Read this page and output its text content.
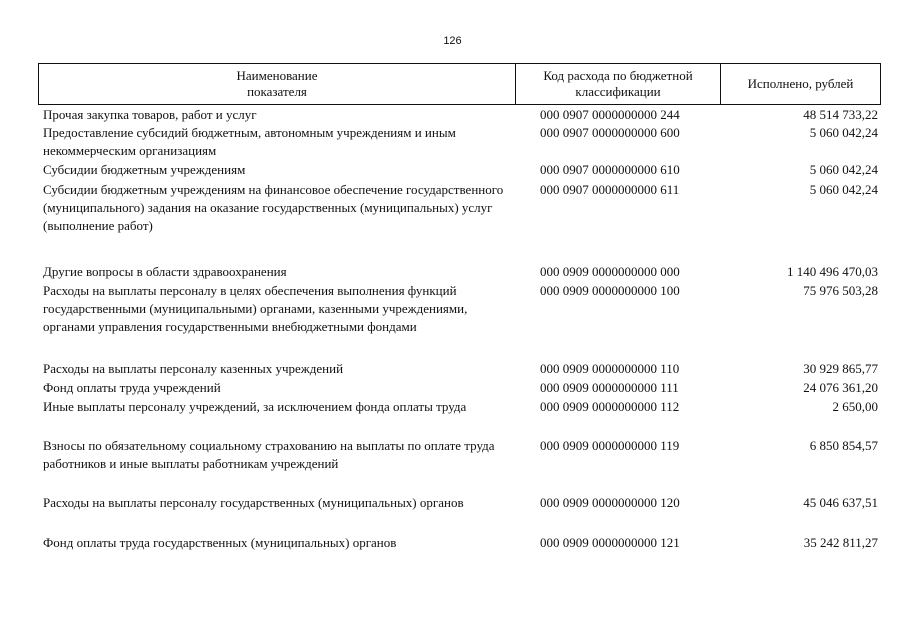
126
Наименование
показателя
Код расхода по бюджетной
классификации
Исполнено, рублей
Прочая закупка товаров, работ и услуг	000 0907 0000000000 244	48 514 733,22
Предоставление субсидий бюджетным, автономным учреждениям и иным некоммерческим организациям
000 0907 0000000000 600	5 060 042,24
Субсидии бюджетным учреждениям	000 0907 0000000000 610	5 060 042,24
Субсидии бюджетным учреждениям на финансовое обеспечение государственного (муниципального) задания на оказание государственных (муниципальных) услуг (выполнение работ)
000 0907 0000000000 611	5 060 042,24
Другие вопросы в области здравоохранения	000 0909 0000000000 000	1 140 496 470,03
Расходы на выплаты персоналу в целях обеспечения выполнения функций государственными (муниципальными) органами, казенными учреждениями, органами управления государственными внебюджетными фондами
000 0909 0000000000 100	75 976 503,28
Расходы на выплаты персоналу казенных учреждений	000 0909 0000000000 110	30 929 865,77
Фонд оплаты труда учреждений	000 0909 0000000000 111	24 076 361,20
Иные выплаты персоналу учреждений, за исключением фонда оплаты труда	000 0909 0000000000 112	2 650,00
Взносы по обязательному социальному страхованию на выплаты по оплате труда работников и иные выплаты работникам учреждений
000 0909 0000000000 119	6 850 854,57
Расходы на выплаты персоналу государственных (муниципальных) органов	000 0909 0000000000 120	45 046 637,51
Фонд оплаты труда государственных (муниципальных) органов	000 0909 0000000000 121	35 242 811,27
